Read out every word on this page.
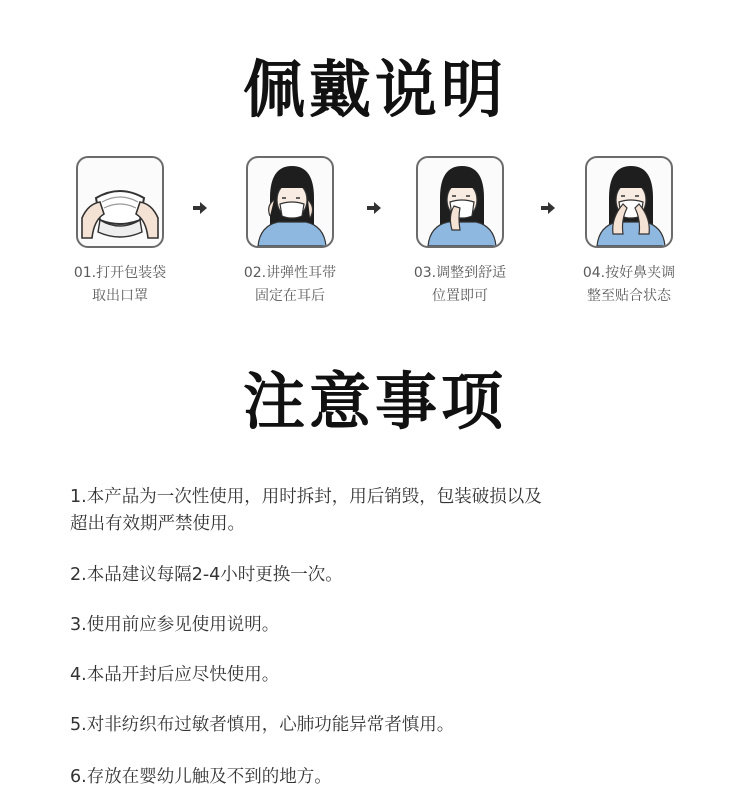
佩戴说明
01.打开包装袋
取出口罩
02.讲弹性耳带
固定在耳后
03.调整到舒适
位置即可
04.按好鼻夹调
整至贴合状态
注意事项
1.本产品为一次性使用，用时拆封，用后销毁，包装破损以及
超出有效期严禁使用。
2.本品建议每隔2-4小时更换一次。
3.使用前应参见使用说明。
4.本品开封后应尽快使用。
5.对非纺织布过敏者慎用，心肺功能异常者慎用。
6.存放在婴幼儿触及不到的地方。
